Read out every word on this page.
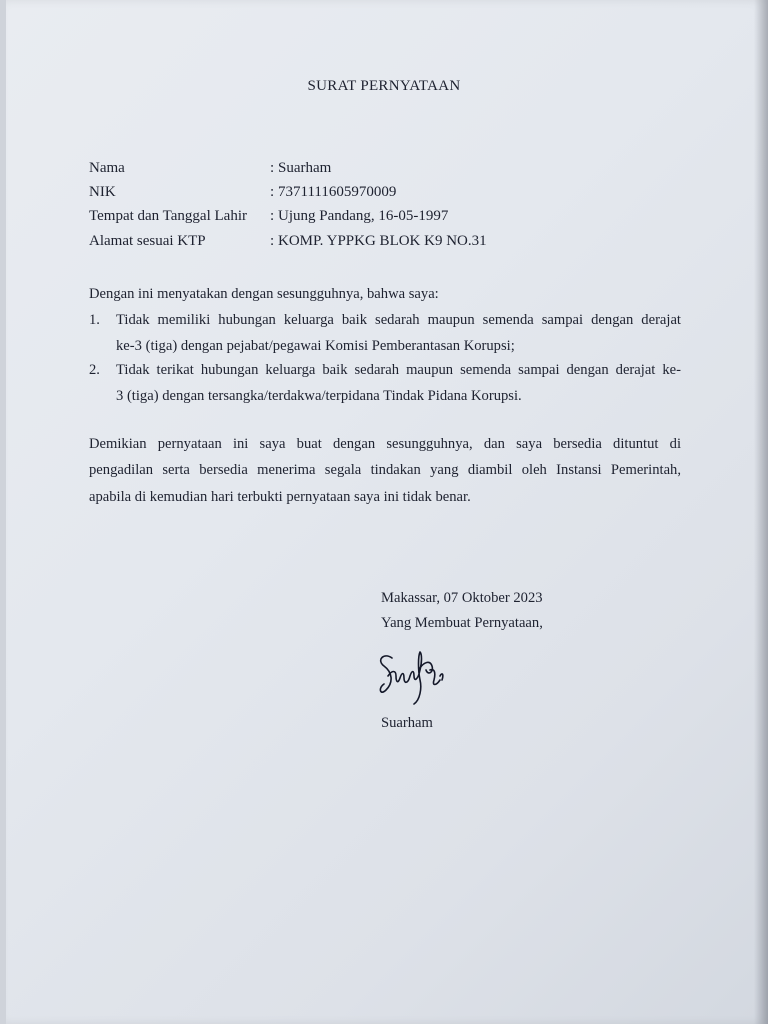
SURAT PERNYATAAN
Nama	: Suarham
NIK	: 7371111605970009
Tempat dan Tanggal Lahir : Ujung Pandang, 16-05-1997
Alamat sesuai KTP	: KOMP. YPPKG BLOK K9 NO.31
Dengan ini menyatakan dengan sesungguhnya, bahwa saya:
1. Tidak memiliki hubungan keluarga baik sedarah maupun semenda sampai dengan derajat
ke-3 (tiga) dengan pejabat/pegawai Komisi Pemberantasan Korupsi;
2. Tidak terikat hubungan keluarga baik sedarah maupun semenda sampai dengan derajat ke-
3 (tiga) dengan tersangka/terdakwa/terpidana Tindak Pidana Korupsi.
Demikian pernyataan ini saya buat dengan sesungguhnya, dan saya bersedia dituntut di
pengadilan serta bersedia menerima segala tindakan yang diambil oleh Instansi Pemerintah,
apabila di kemudian hari terbukti pernyataan saya ini tidak benar.
Makassar, 07 Oktober 2023
Yang Membuat Pernyataan,
Suarham
